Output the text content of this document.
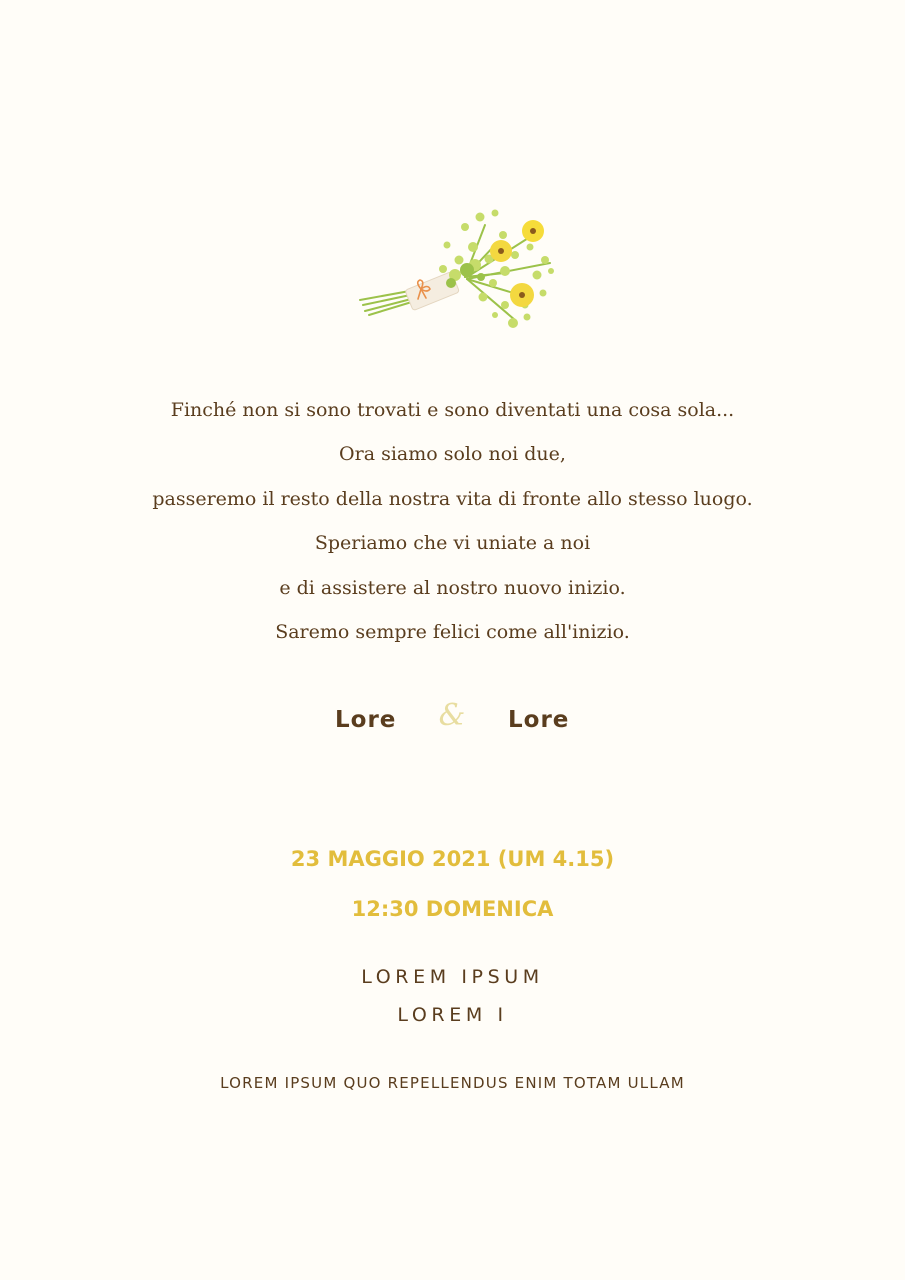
Finché non si sono trovati e sono diventati una cosa sola...
Ora siamo solo noi due,
passeremo il resto della nostra vita di fronte allo stesso luogo.
Speriamo che vi uniate a noi
e di assistere al nostro nuovo inizio.
Saremo sempre felici come all'inizio.
Lore & Lore
23 MAGGIO 2021 (UM 4.15)
12:30 DOMENICA
LOREM IPSUM
LOREM I
LOREM IPSUM QUO REPELLENDUS ENIM TOTAM ULLAM
